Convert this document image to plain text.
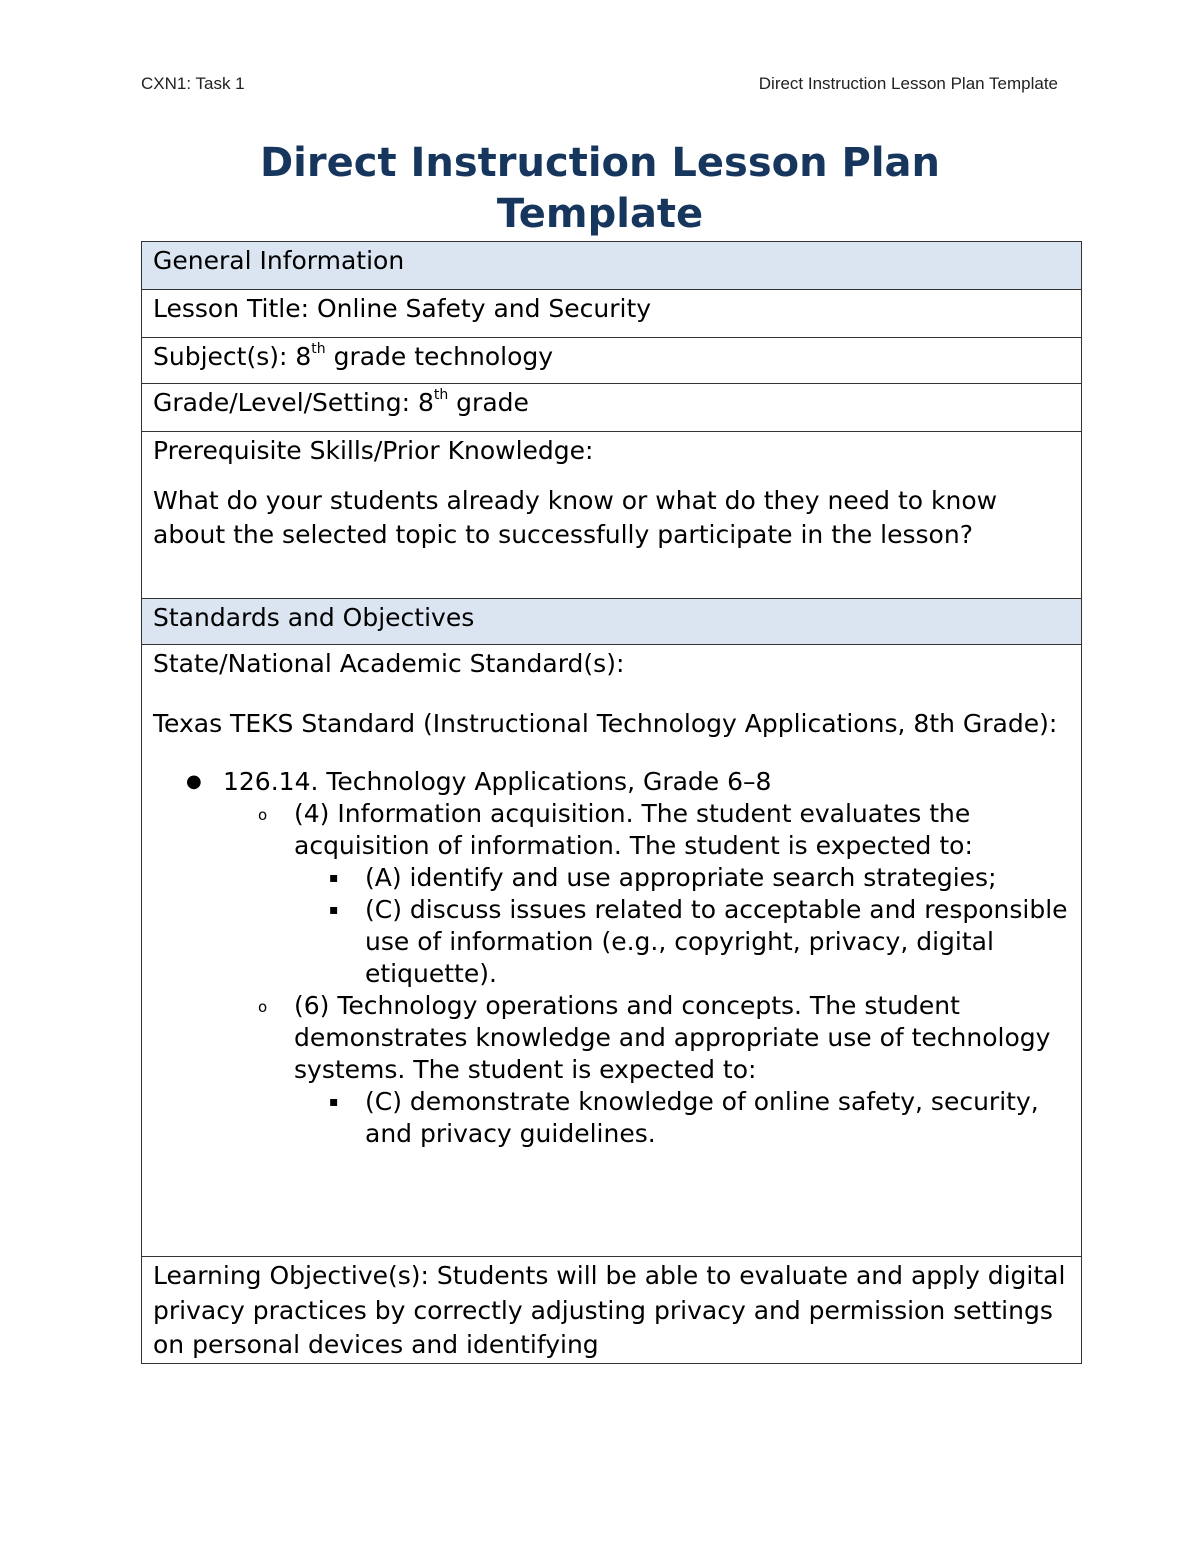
CXN1: Task 1	Direct Instruction Lesson Plan Template
Direct Instruction Lesson Plan
Template
General Information
Lesson Title: Online Safety and Security
Subject(s): 8th grade technology
Grade/Level/Setting: 8th grade

Prerequisite Skills/Prior Knowledge:

What do your students already know or what do they need to know about the selected topic to successfully participate in the lesson?

Standards and Objectives

State/National Academic Standard(s):

Texas TEKS Standard (Instructional Technology Applications, 8th Grade):

● 126.14. Technology Applications, Grade 6–8
o (4) Information acquisition. The student evaluates the acquisition of information. The student is expected to:
▪ (A) identify and use appropriate search strategies;
▪ (C) discuss issues related to acceptable and responsible use of information (e.g., copyright, privacy, digital etiquette).
o (6) Technology operations and concepts. The student demonstrates knowledge and appropriate use of technology systems. The student is expected to:
▪ (C) demonstrate knowledge of online safety, security, and privacy guidelines.

Learning Objective(s): Students will be able to evaluate and apply digital privacy practices by correctly adjusting privacy and permission settings on personal devices and identifying
